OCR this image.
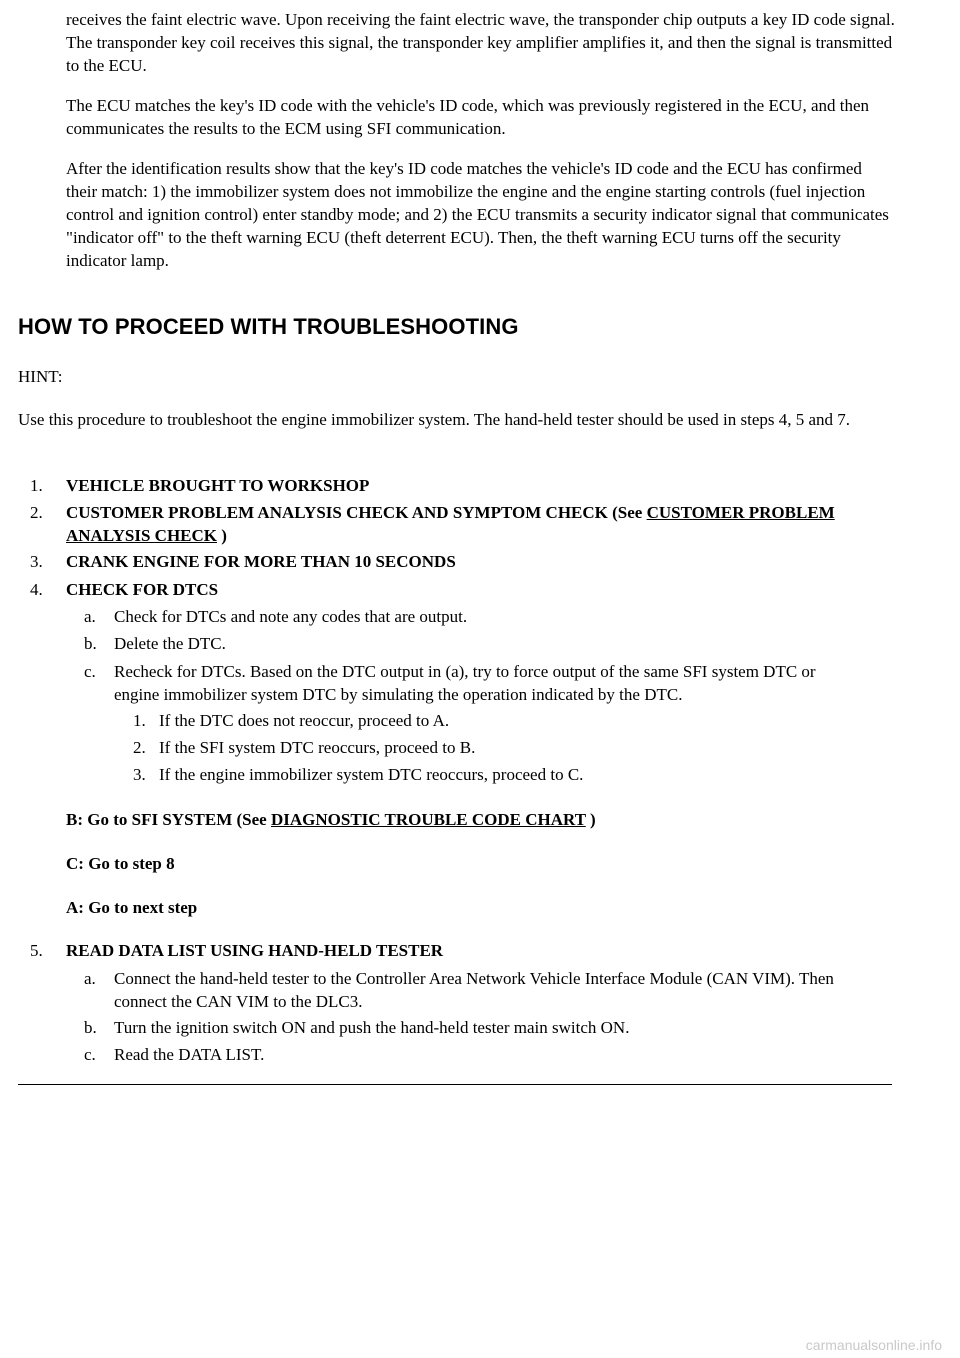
receives the faint electric wave. Upon receiving the faint electric wave, the transponder chip outputs a key ID code signal. The transponder key coil receives this signal, the transponder key amplifier amplifies it, and then the signal is transmitted to the ECU.

The ECU matches the key's ID code with the vehicle's ID code, which was previously registered in the ECU, and then communicates the results to the ECM using SFI communication.

After the identification results show that the key's ID code matches the vehicle's ID code and the ECU has confirmed their match: 1) the immobilizer system does not immobilize the engine and the engine starting controls (fuel injection control and ignition control) enter standby mode; and 2) the ECU transmits a security indicator signal that communicates "indicator off" to the theft warning ECU (theft deterrent ECU). Then, the theft warning ECU turns off the security indicator lamp.

HOW TO PROCEED WITH TROUBLESHOOTING

HINT:

Use this procedure to troubleshoot the engine immobilizer system. The hand-held tester should be used in steps 4, 5 and 7.

1.	VEHICLE BROUGHT TO WORKSHOP
2.	CUSTOMER PROBLEM ANALYSIS CHECK AND SYMPTOM CHECK (See CUSTOMER PROBLEM ANALYSIS CHECK )
3.	CRANK ENGINE FOR MORE THAN 10 SECONDS
4.	CHECK FOR DTCS
a. Check for DTCs and note any codes that are output.
b. Delete the DTC.
c. Recheck for DTCs. Based on the DTC output in (a), try to force output of the same SFI system DTC or engine immobilizer system DTC by simulating the operation indicated by the DTC.
1. If the DTC does not reoccur, proceed to A.
2. If the SFI system DTC reoccurs, proceed to B.
3. If the engine immobilizer system DTC reoccurs, proceed to C.

B: Go to SFI SYSTEM (See DIAGNOSTIC TROUBLE CODE CHART )

C: Go to step 8

A: Go to next step

5.	READ DATA LIST USING HAND-HELD TESTER
a. Connect the hand-held tester to the Controller Area Network Vehicle Interface Module (CAN VIM). Then connect the CAN VIM to the DLC3.
b. Turn the ignition switch ON and push the hand-held tester main switch ON.
c. Read the DATA LIST.
carmanualsonline.info
